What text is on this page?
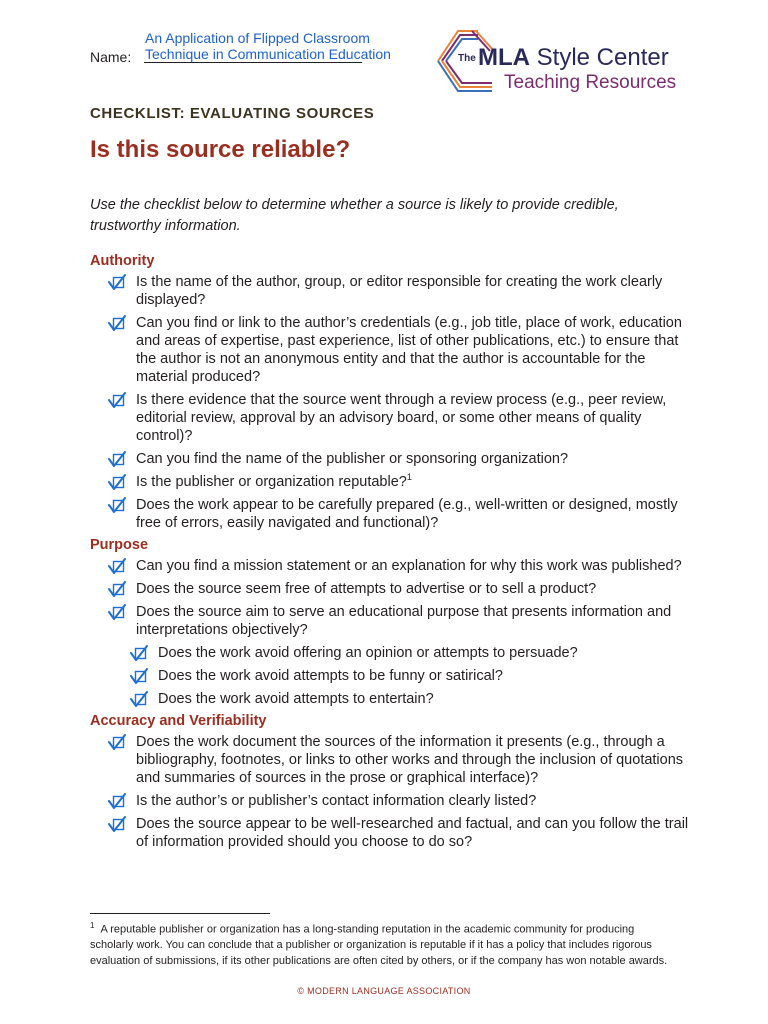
Name:
An Application of Flipped Classroom
Technique in Communication Education	The MLA Style Center
Teaching Resources
CHECKLIST: EVALUATING SOURCES
Is this source reliable?
Use the checklist below to determine whether a source is likely to provide credible, trustworthy information.
Authority
Is the name of the author, group, or editor responsible for creating the work clearly displayed?
Can you find or link to the author’s credentials (e.g., job title, place of work, education and areas of expertise, past experience, list of other publications, etc.) to ensure that the author is not an anonymous entity and that the author is accountable for the material produced?
Is there evidence that the source went through a review process (e.g., peer review, editorial review, approval by an advisory board, or some other means of quality control)?
Can you find the name of the publisher or sponsoring organization?
Is the publisher or organization reputable?$^1$
Does the work appear to be carefully prepared (e.g., well-written or designed, mostly free of errors, easily navigated and functional)?
Purpose
Can you find a mission statement or an explanation for why this work was published?
Does the source seem free of attempts to advertise or to sell a product?
Does the source aim to serve an educational purpose that presents information and interpretations objectively?
Does the work avoid offering an opinion or attempts to persuade?
Does the work avoid attempts to be funny or satirical?
Does the work avoid attempts to entertain?
Accuracy and Verifiability
Does the work document the sources of the information it presents (e.g., through a bibliography, footnotes, or links to other works and through the inclusion of quotations and summaries of sources in the prose or graphical interface)?
Is the author’s or publisher’s contact information clearly listed?
Does the source appear to be well-researched and factual, and can you follow the trail of information provided should you choose to do so?
$^1$ A reputable publisher or organization has a long-standing reputation in the academic community for producing scholarly work. You can conclude that a publisher or organization is reputable if it has a policy that includes rigorous evaluation of submissions, if its other publications are often cited by others, or if the company has won notable awards.
© MODERN LANGUAGE ASSOCIATION
